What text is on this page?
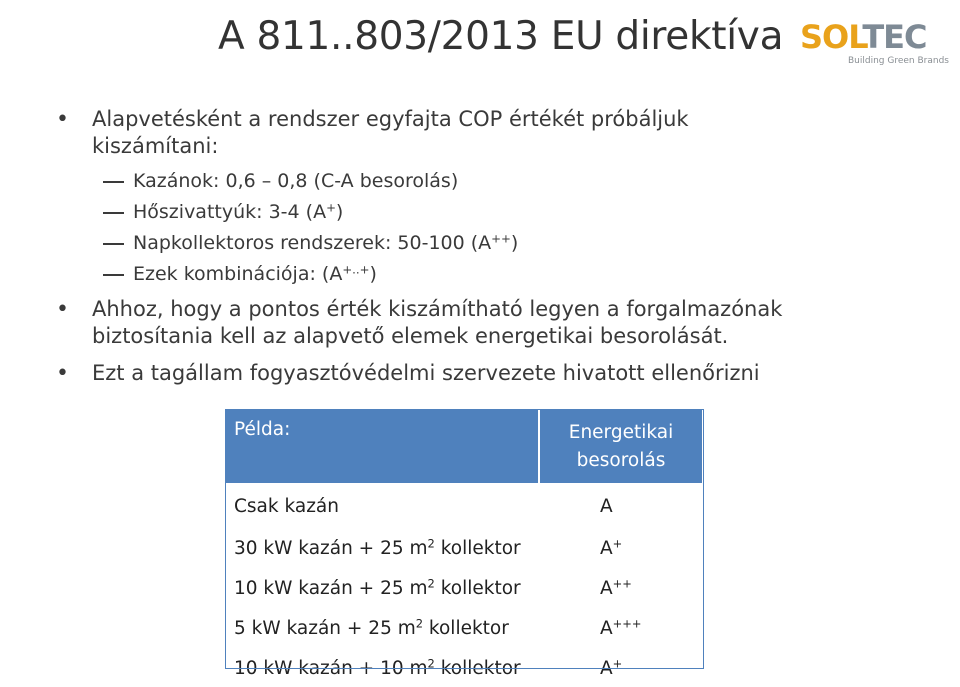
A 811..803/2013 EU direktíva SOLTEC
Building Green Brands
• Alapvetésként a rendszer egyfajta COP értékét próbáljuk
kiszámítani:
Kazánok: 0,6 – 0,8 (C-A besorolás)
Hőszivattyúk: 3-4 (A+)
Napkollektoros rendszerek: 50-100 (A++)
Ezek kombinációja: (A+..+)
• Ahhoz, hogy a pontos érték kiszámítható legyen a forgalmazónak
biztosítania kell az alapvető elemek energetikai besorolását.
• Ezt a tagállam fogyasztóvédelmi szervezete hivatott ellenőrizni
Példa:	Energetikai
besorolás

Csak kazán	A
30 kW kazán + 25 $m^2$ kollektor	A+
10 kW kazán + 25 $m^2$ kollektor	A++
5 kW kazán + 25 $m^2$ kollektor	A+++
10 kW kazán + 10 $m^2$ kollektor	A+
